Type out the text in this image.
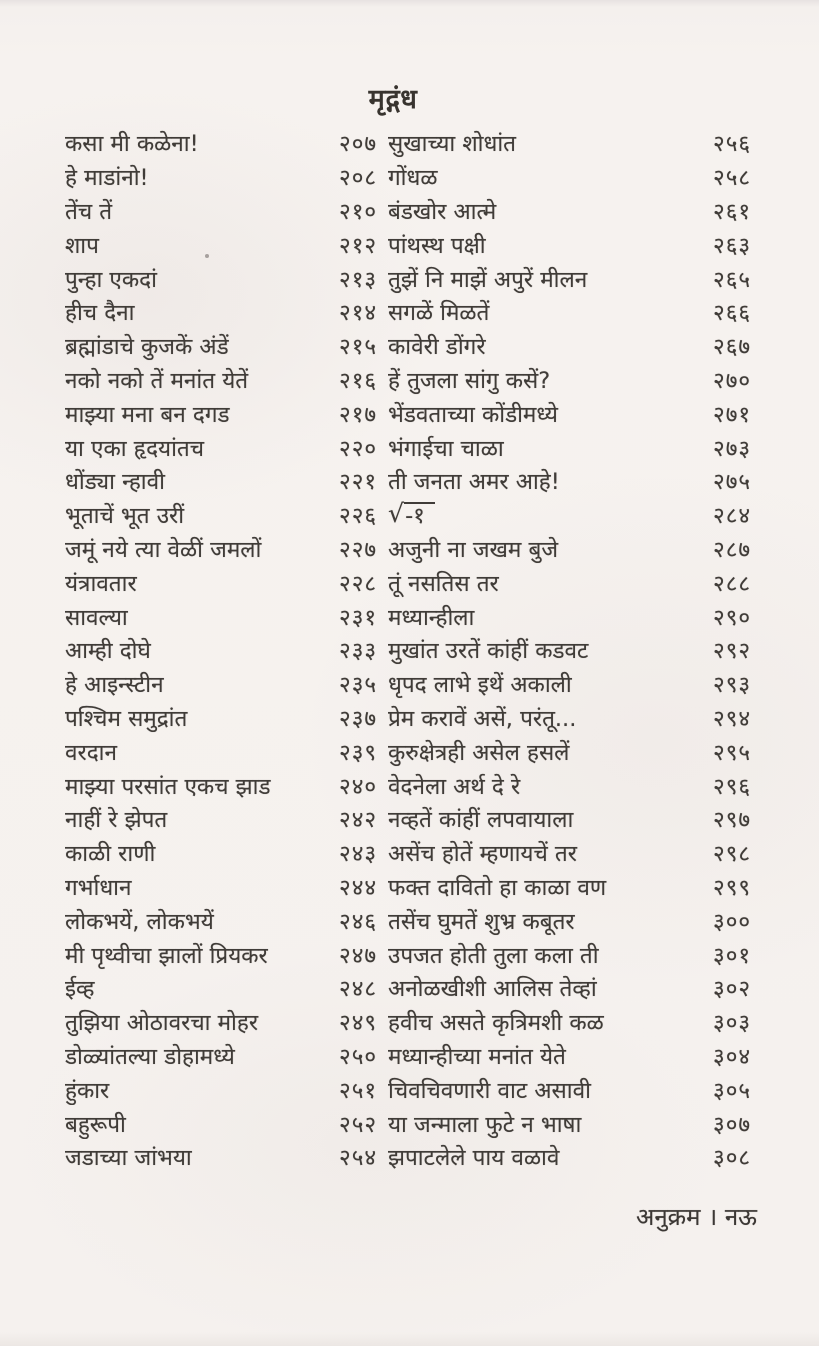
मृद्गंध
कसा मी कळेना!	२०७
हे माडांनो!	२०८
तेंच तें	२१०
शाप	२१२
पुन्हा एकदां	२१३
हीच दैना	२१४
ब्रह्मांडाचे कुजकें अंडें	२१५
नको नको तें मनांत येतें	२१६
माझ्या मना बन दगड	२१७
या एका हृदयांतच	२२०
धोंड्या न्हावी	२२१
भूताचें भूत उरीं	२२६
जमूं नये त्या वेळीं जमलों	२२७
यंत्रावतार	२२८
सावल्या	२३१
आम्ही दोघे	२३३
हे आइन्स्टीन	२३५
पश्चिम समुद्रांत	२३७
वरदान	२३९
माझ्या परसांत एकच झाड	२४०
नाहीं रे झेपत	२४२
काळी राणी	२४३
गर्भाधान	२४४
लोकभयें, लोकभयें	२४६
मी पृथ्वीचा झालों प्रियकर	२४७
ईव्ह	२४८
तुझिया ओठावरचा मोहर	२४९
डोळ्यांतल्या डोहामध्ये	२५०
हुंकार	२५१
बहुरूपी	२५२
जडाच्या जांभया	२५४
सुखाच्या शोधांत	२५६
गोंधळ	२५८
बंडखोर आत्मे	२६१
पांथस्थ पक्षी	२६३
तुझें नि माझें अपुरें मीलन	२६५
सगळें मिळतें	२६६
कावेरी डोंगरे	२६७
हें तुजला सांगु कसें?	२७०
भेंडवताच्या कोंडीमध्ये	२७१
भंगाईचा चाळा	२७३
ती जनता अमर आहे!	२७५
√-१	२८४
अजुनी ना जखम बुजे	२८७
तूं नसतिस तर	२८८
मध्यान्हीला	२९०
मुखांत उरतें कांहीं कडवट	२९२
धृपद लाभे इथें अकाली	२९३
प्रेम करावें असें, परंतू...	२९४
कुरुक्षेत्रही असेल हसलें	२९५
वेदनेला अर्थ दे रे	२९६
नव्हतें कांहीं लपवायाला	२९७
असेंच होतें म्हणायचें तर	२९८
फक्त दावितो हा काळा वण	२९९
तसेंच घुमतें शुभ्र कबूतर	३००
उपजत होती तुला कला ती	३०१
अनोळखीशी आलिस तेव्हां	३०२
हवीच असते कृत्रिमशी कळ	३०३
मध्यान्हीच्या मनांत येते	३०४
चिवचिवणारी वाट असावी	३०५
या जन्माला फुटे न भाषा	३०७
झपाटलेले पाय वळावे	३०८
अनुक्रम । नऊ
